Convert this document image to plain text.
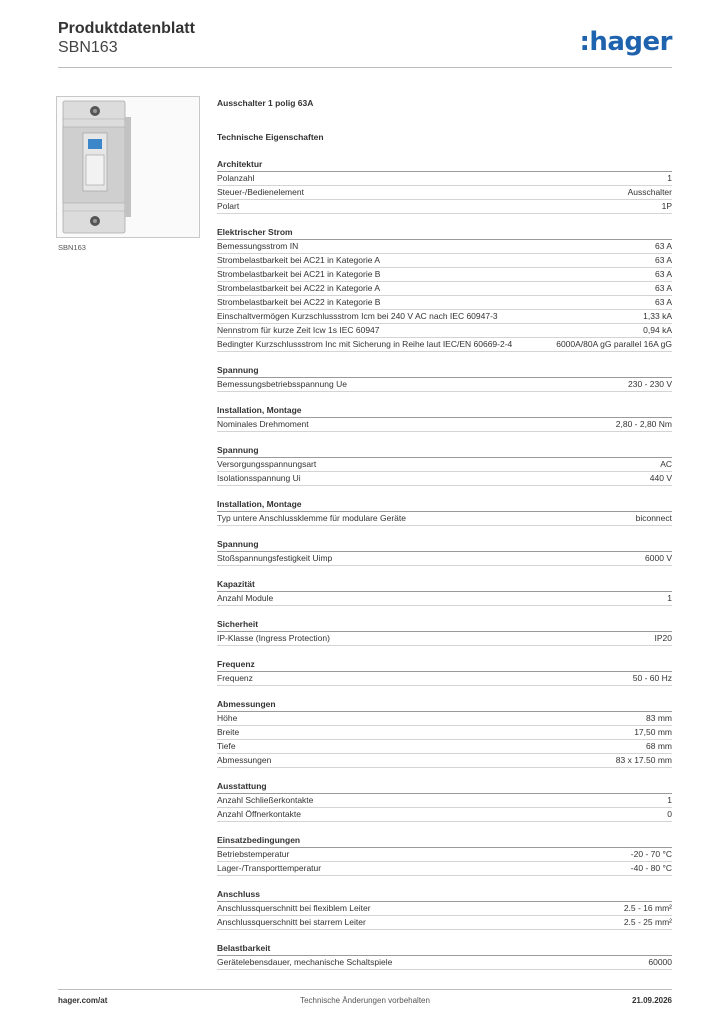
Produktdatenblatt
SBN163	:hager
SBN163
Ausschalter 1 polig 63A
Technische Eigenschaften
Architektur
Polanzahl	1
Steuer-/Bedienelement	Ausschalter
Polart	1P
Elektrischer Strom
Bemessungsstrom IN	63 A
Strombelastbarkeit bei AC21 in Kategorie A	63 A
Strombelastbarkeit bei AC21 in Kategorie B	63 A
Strombelastbarkeit bei AC22 in Kategorie A	63 A
Strombelastbarkeit bei AC22 in Kategorie B	63 A
Einschaltvermögen Kurzschlussstrom Icm bei 240 V AC nach IEC 60947-3	1,33 kA
Nennstrom für kurze Zeit Icw 1s IEC 60947	0,94 kA
Bedingter Kurzschlussstrom Inc mit Sicherung in Reihe laut IEC/EN 60669-2-4	6000A/80A gG parallel 16A gG
Spannung
Bemessungsbetriebsspannung Ue	230 - 230 V
Installation, Montage
Nominales Drehmoment	2,80 - 2,80 Nm
Spannung
Versorgungsspannungsart	AC
Isolationsspannung Ui	440 V
Installation, Montage
Typ untere Anschlussklemme für modulare Geräte	biconnect
Spannung
Stoßspannungsfestigkeit Uimp	6000 V
Kapazität
Anzahl Module	1
Sicherheit
IP-Klasse (Ingress Protection)	IP20
Frequenz
Frequenz	50 - 60 Hz
Abmessungen
Höhe	83 mm
Breite	17,50 mm
Tiefe	68 mm
Abmessungen	83 x 17.50 mm
Ausstattung
Anzahl Schließerkontakte	1
Anzahl Öffnerkontakte	0
Einsatzbedingungen
Betriebstemperatur	-20 - 70 °C
Lager-/Transporttemperatur	-40 - 80 °C
Anschluss
Anschlussquerschnitt bei flexiblem Leiter	2.5 - 16 mm²
Anschlussquerschnitt bei starrem Leiter	2.5 - 25 mm²
Belastbarkeit
Gerätelebensdauer, mechanische Schaltspiele	60000
hager.com/at	Technische Änderungen vorbehalten	21.09.2026
